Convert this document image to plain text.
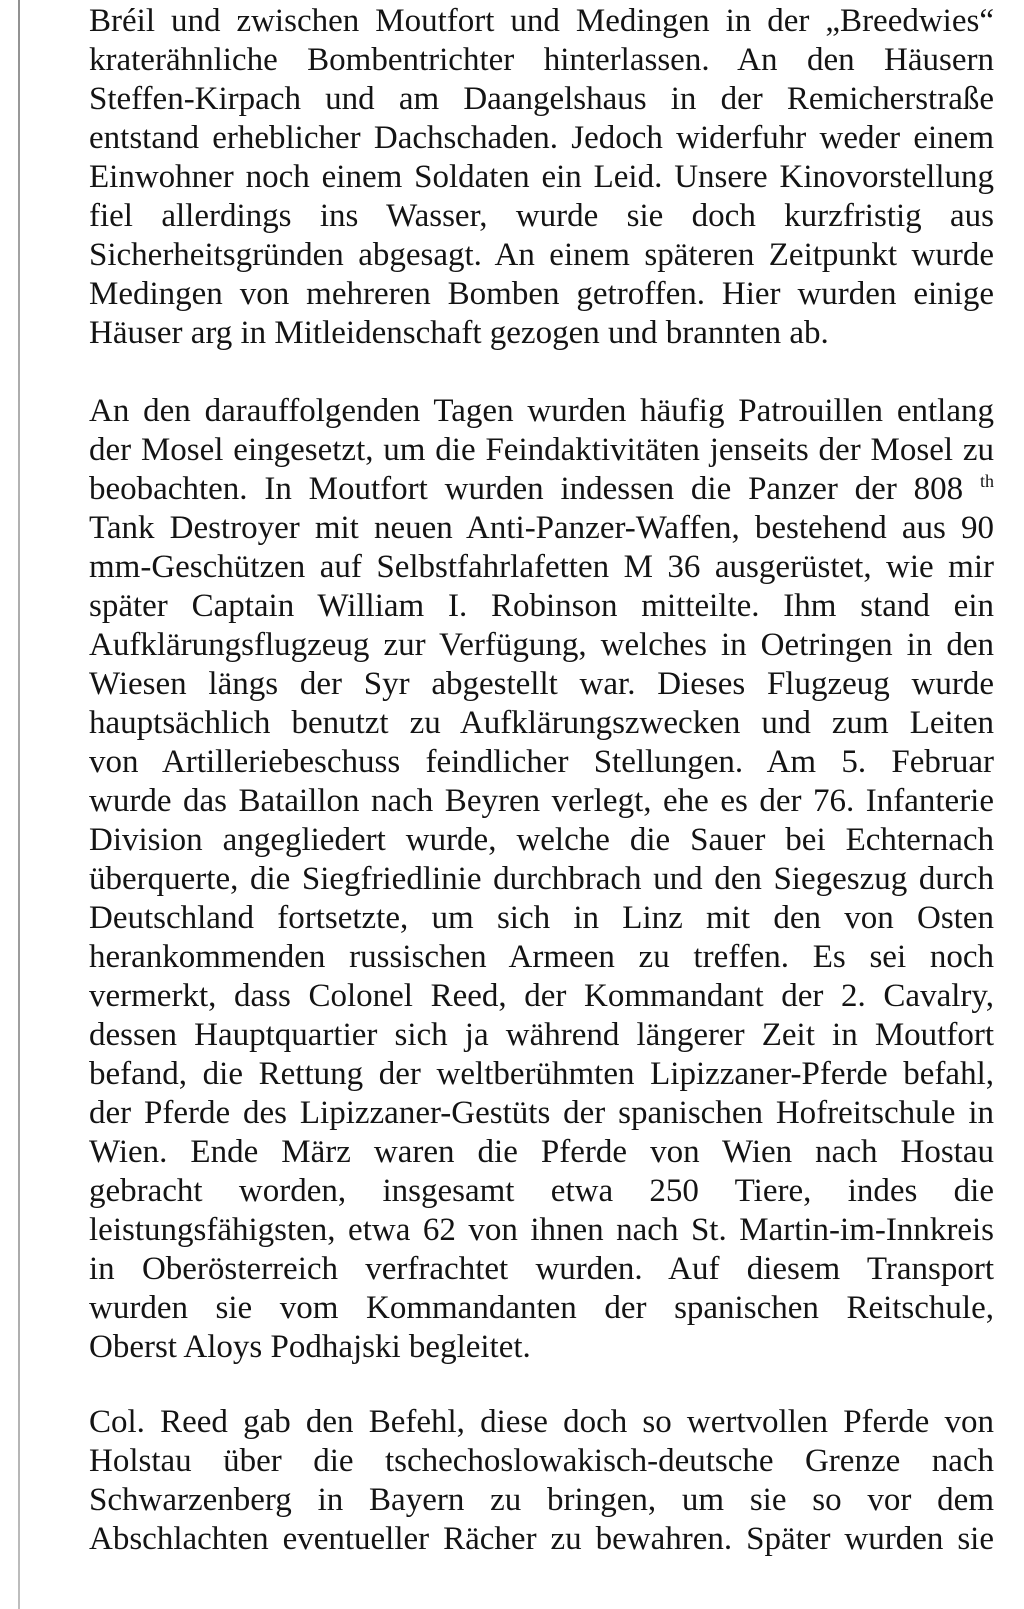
Bréil und zwischen Moutfort und Medingen in der „Breedwies“
kraterähnliche Bombentrichter hinterlassen. An den Häusern
Steffen-Kirpach und am Daangelshaus in der Remicherstraße
entstand erheblicher Dachschaden. Jedoch widerfuhr weder einem
Einwohner noch einem Soldaten ein Leid. Unsere Kinovorstellung
fiel allerdings ins Wasser, wurde sie doch kurzfristig aus
Sicherheitsgründen abgesagt. An einem späteren Zeitpunkt wurde
Medingen von mehreren Bomben getroffen. Hier wurden einige
Häuser arg in Mitleidenschaft gezogen und brannten ab.
An den darauffolgenden Tagen wurden häufig Patrouillen entlang
der Mosel eingesetzt, um die Feindaktivitäten jenseits der Mosel zu
beobachten. In Moutfort wurden indessen die Panzer der 808 $^{th}$
Tank Destroyer mit neuen Anti-Panzer-Waffen, bestehend aus 90
mm-Geschützen auf Selbstfahrlafetten M 36 ausgerüstet, wie mir
später Captain William I. Robinson mitteilte. Ihm stand ein
Aufklärungsflugzeug zur Verfügung, welches in Oetringen in den
Wiesen längs der Syr abgestellt war. Dieses Flugzeug wurde
hauptsächlich benutzt zu Aufklärungszwecken und zum Leiten
von Artilleriebeschuss feindlicher Stellungen. Am 5. Februar
wurde das Bataillon nach Beyren verlegt, ehe es der 76. Infanterie
Division angegliedert wurde, welche die Sauer bei Echternach
überquerte, die Siegfriedlinie durchbrach und den Siegeszug durch
Deutschland fortsetzte, um sich in Linz mit den von Osten
herankommenden russischen Armeen zu treffen. Es sei noch
vermerkt, dass Colonel Reed, der Kommandant der 2. Cavalry,
dessen Hauptquartier sich ja während längerer Zeit in Moutfort
befand, die Rettung der weltberühmten Lipizzaner-Pferde befahl,
der Pferde des Lipizzaner-Gestüts der spanischen Hofreitschule in
Wien. Ende März waren die Pferde von Wien nach Hostau
gebracht worden, insgesamt etwa 250 Tiere, indes die
leistungsfähigsten, etwa 62 von ihnen nach St. Martin-im-Innkreis
in Oberösterreich verfrachtet wurden. Auf diesem Transport
wurden sie vom Kommandanten der spanischen Reitschule,
Oberst Aloys Podhajski begleitet.
Col. Reed gab den Befehl, diese doch so wertvollen Pferde von
Holstau über die tschechoslowakisch-deutsche Grenze nach
Schwarzenberg in Bayern zu bringen, um sie so vor dem
Abschlachten eventueller Rächer zu bewahren. Später wurden sie
